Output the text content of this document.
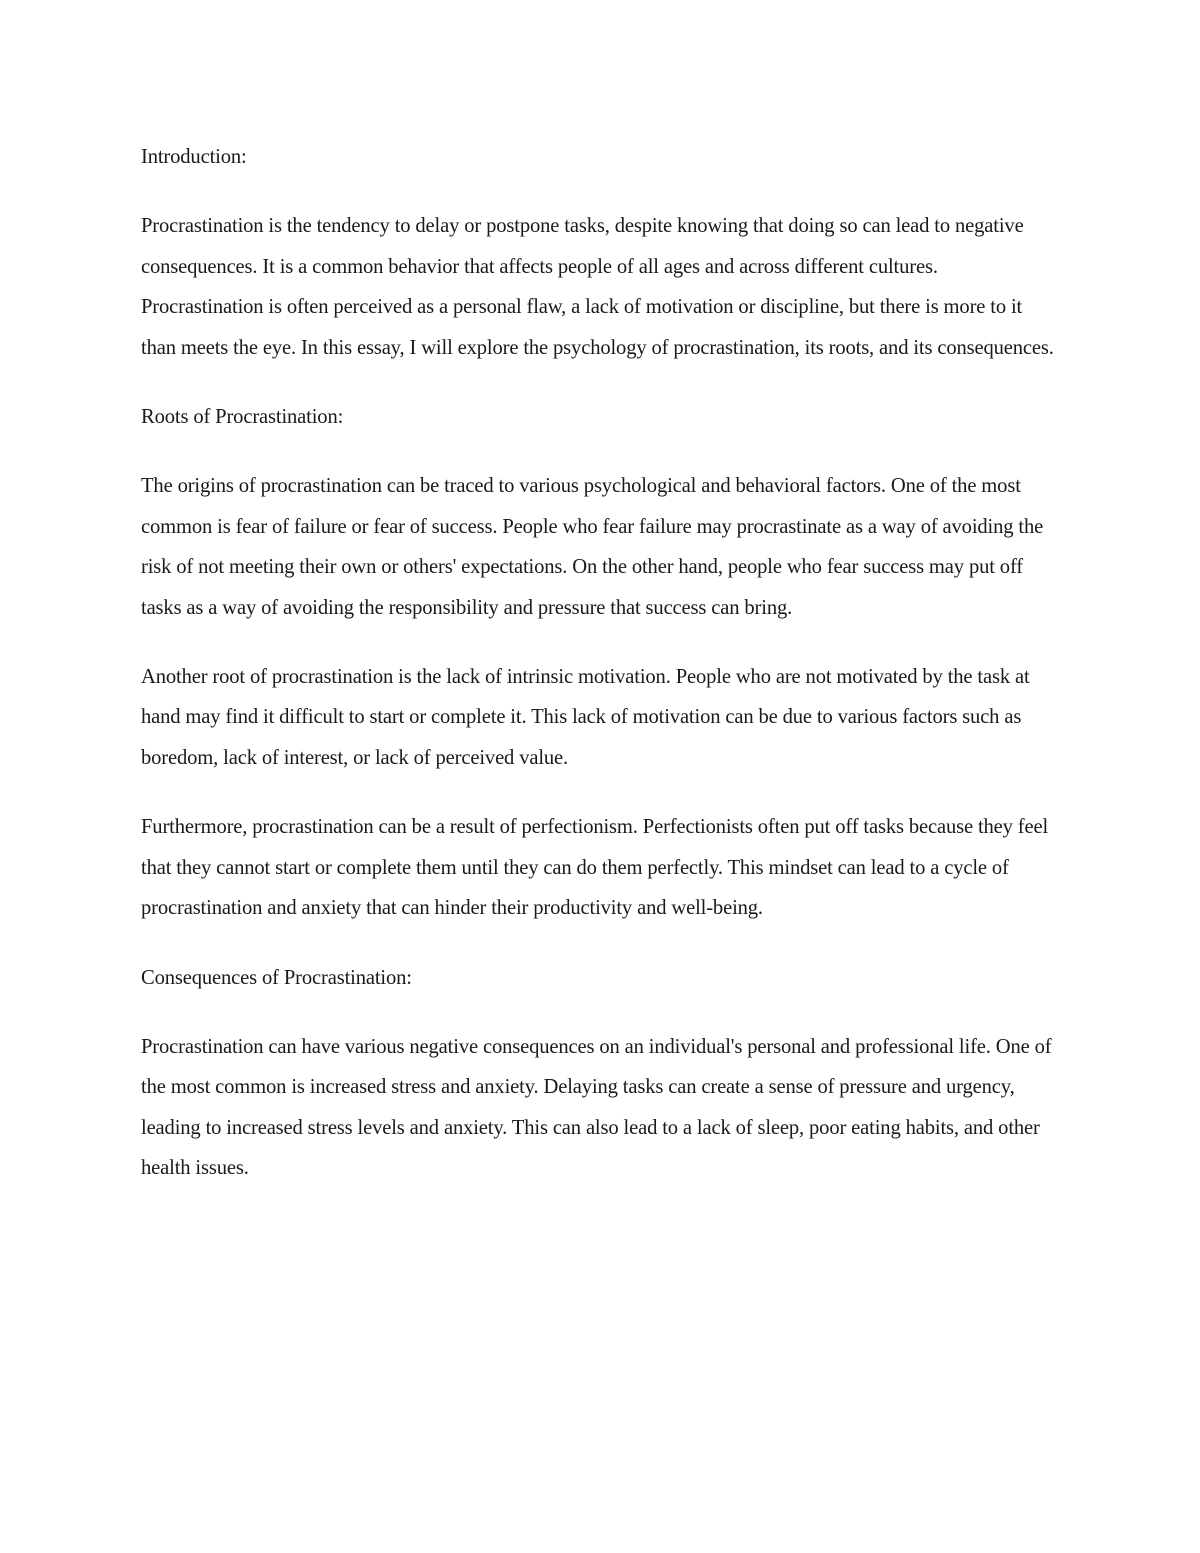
Introduction:

Procrastination is the tendency to delay or postpone tasks, despite knowing that doing so can lead to negative consequences. It is a common behavior that affects people of all ages and across different cultures. Procrastination is often perceived as a personal flaw, a lack of motivation or discipline, but there is more to it than meets the eye. In this essay, I will explore the psychology of procrastination, its roots, and its consequences.

Roots of Procrastination:

The origins of procrastination can be traced to various psychological and behavioral factors. One of the most common is fear of failure or fear of success. People who fear failure may procrastinate as a way of avoiding the risk of not meeting their own or others' expectations. On the other hand, people who fear success may put off tasks as a way of avoiding the responsibility and pressure that success can bring.

Another root of procrastination is the lack of intrinsic motivation. People who are not motivated by the task at hand may find it difficult to start or complete it. This lack of motivation can be due to various factors such as boredom, lack of interest, or lack of perceived value.

Furthermore, procrastination can be a result of perfectionism. Perfectionists often put off tasks because they feel that they cannot start or complete them until they can do them perfectly. This mindset can lead to a cycle of procrastination and anxiety that can hinder their productivity and well-being.

Consequences of Procrastination:

Procrastination can have various negative consequences on an individual's personal and professional life. One of the most common is increased stress and anxiety. Delaying tasks can create a sense of pressure and urgency, leading to increased stress levels and anxiety. This can also lead to a lack of sleep, poor eating habits, and other health issues.
